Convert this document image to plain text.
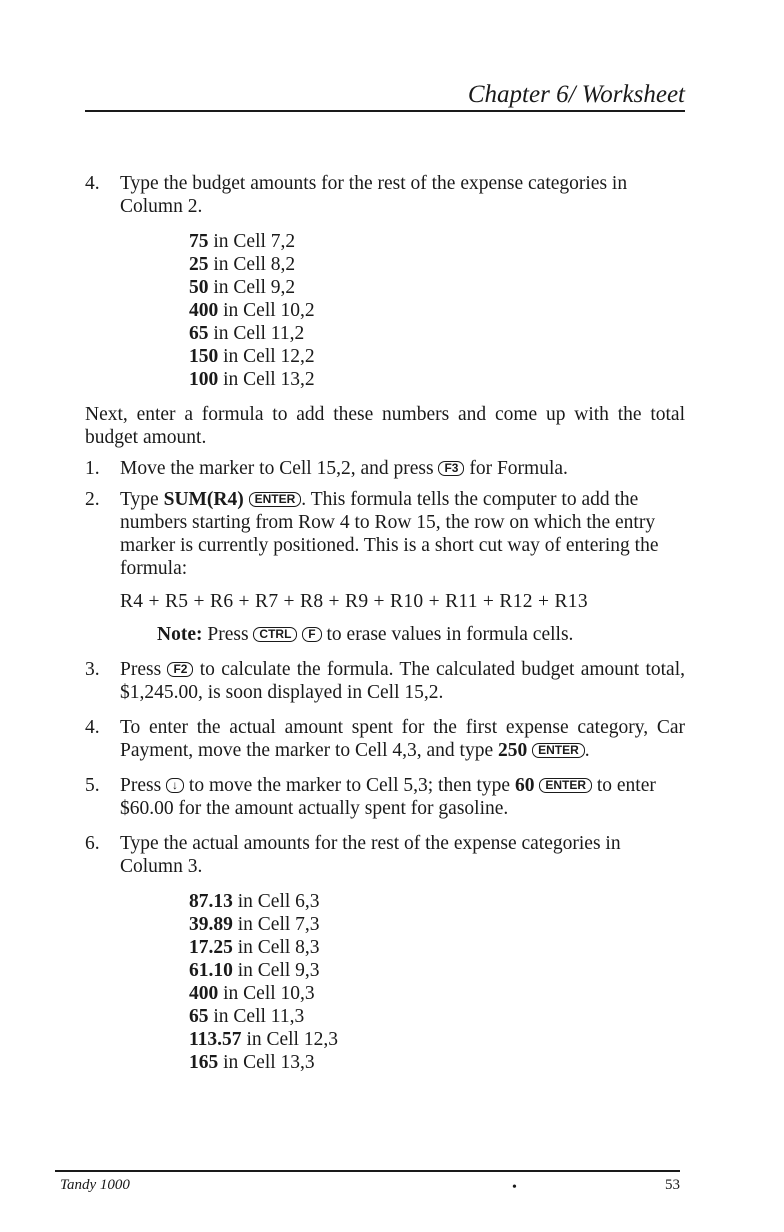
Chapter 6/ Worksheet
4.	Type the budget amounts for the rest of the expense categories in Column 2.
75 in Cell 7,2
25 in Cell 8,2
50 in Cell 9,2
400 in Cell 10,2
65 in Cell 11,2
150 in Cell 12,2
100 in Cell 13,2
Next, enter a formula to add these numbers and come up with the total budget amount.
1.	Move the marker to Cell 15,2, and press F3 for Formula.
2.	Type SUM(R4) ENTER . This formula tells the computer to add the numbers starting from Row 4 to Row 15, the row on which the entry marker is currently positioned. This is a short cut way of entering the formula:
R4 + R5 + R6 + R7 + R8 + R9 + R10 + R11 + R12 + R13
Note: Press CTRL F to erase values in formula cells.
3.	Press F2 to calculate the formula. The calculated budget amount total, $1,245.00, is soon displayed in Cell 15,2.
4.	To enter the actual amount spent for the first expense category, Car Payment, move the marker to Cell 4,3, and type 250 ENTER .
5.	Press ↓ to move the marker to Cell 5,3; then type 60 ENTER to enter $60.00 for the amount actually spent for gasoline.
6.	Type the actual amounts for the rest of the expense categories in Column 3.
87.13 in Cell 6,3
39.89 in Cell 7,3
17.25 in Cell 8,3
61.10 in Cell 9,3
400 in Cell 10,3
65 in Cell 11,3
113.57 in Cell 12,3
165 in Cell 13,3
Tandy 1000	•	53
